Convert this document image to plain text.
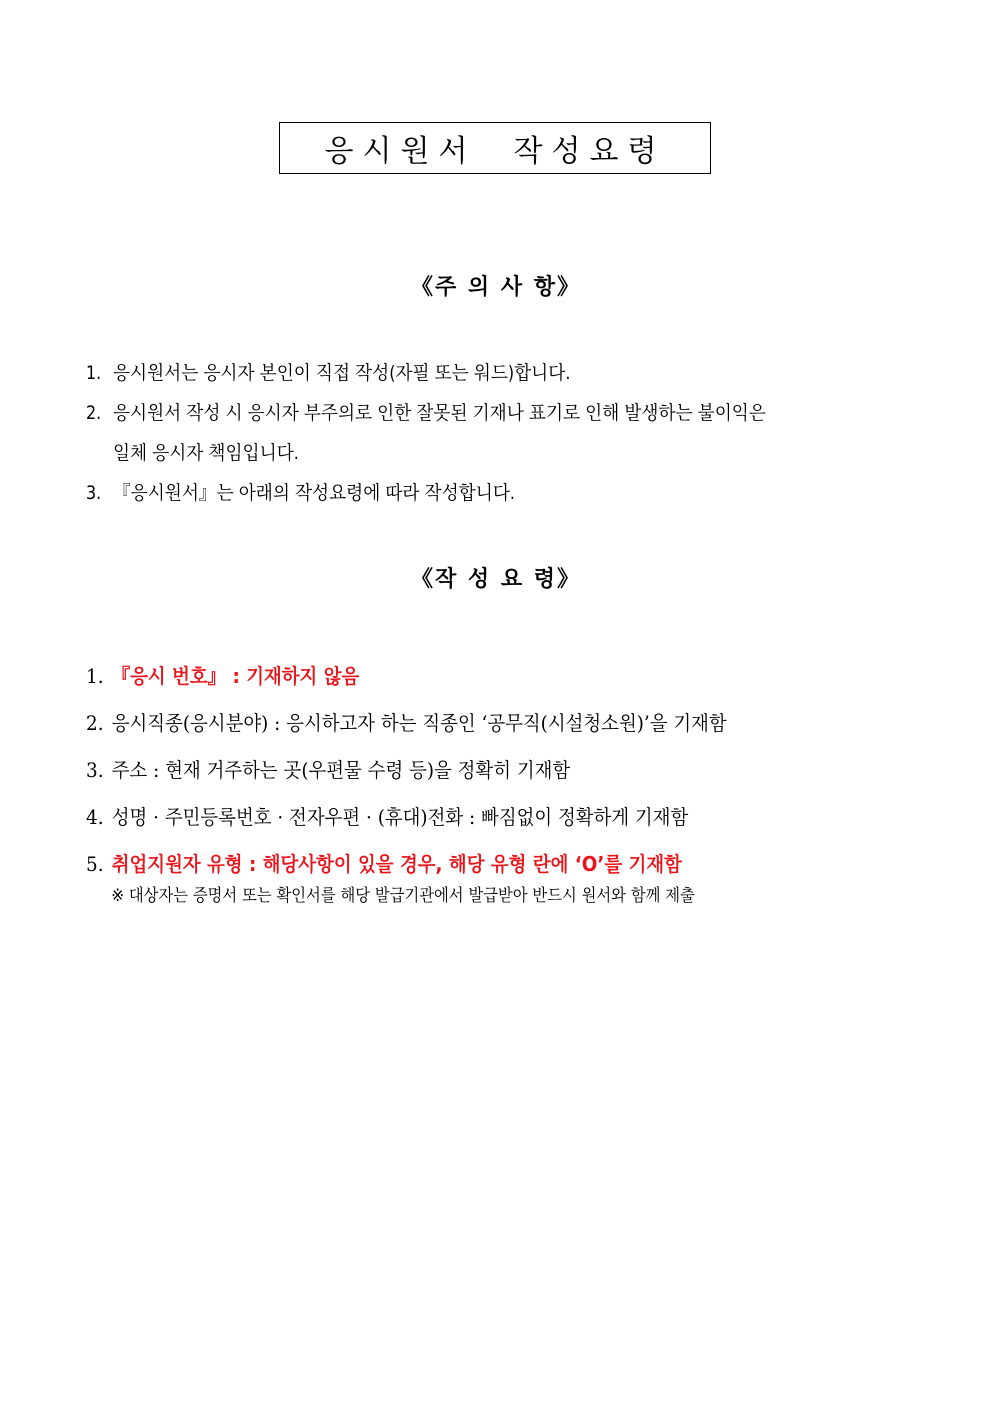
응시원서  작성요령
《주 의 사 항》
1. 응시원서는 응시자 본인이 직접 작성(자필 또는 워드)합니다.
2. 응시원서 작성 시 응시자 부주의로 인한 잘못된 기재나 표기로 인해 발생하는 불이익은
일체 응시자 책임입니다.
3. 『응시원서』는 아래의 작성요령에 따라 작성합니다.
《작 성 요 령》
1. 『응시 번호』 : 기재하지 않음
2. 응시직종(응시분야) : 응시하고자 하는 직종인 ‘공무직(시설청소원)’을 기재함
3. 주소 : 현재 거주하는 곳(우편물 수령 등)을 정확히 기재함
4. 성명 · 주민등록번호 · 전자우편 · (휴대)전화 : 빠짐없이 정확하게 기재함
5. 취업지원자 유형 : 해당사항이 있을 경우, 해당 유형 란에 ‘O’를 기재함
※ 대상자는 증명서 또는 확인서를 해당 발급기관에서 발급받아 반드시 원서와 함께 제출
